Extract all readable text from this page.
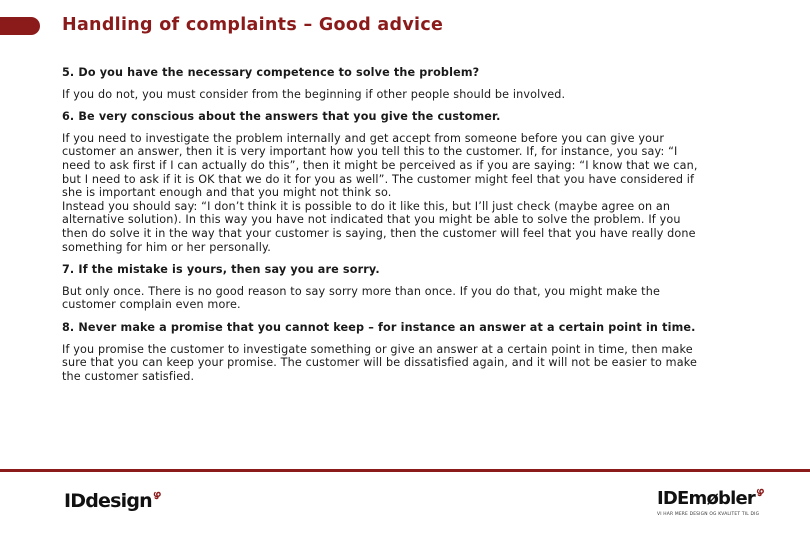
Handling of complaints – Good advice
5. Do you have the necessary competence to solve the problem?
If you do not, you must consider from the beginning if other people should be involved.
6. Be very conscious about the answers that you give the customer.
If you need to investigate the problem internally and get accept from someone before you can give your customer an answer, then it is very important how you tell this to the customer. If, for instance, you say: “I need to ask first if I can actually do this”, then it might be perceived as if you are saying: “I know that we can, but I need to ask if it is OK that we do it for you as well”. The customer might feel that you have considered if she is important enough and that you might not think so.
Instead you should say: “I don’t think it is possible to do it like this, but I’ll just check (maybe agree on an alternative solution). In this way you have not indicated that you might be able to solve the problem. If you then do solve it in the way that your customer is saying, then the customer will feel that you have really done something for him or her personally.
7. If the mistake is yours, then say you are sorry.
But only once. There is no good reason to say sorry more than once. If you do that, you might make the customer complain even more.
8. Never make a promise that you cannot keep – for instance an answer at a certain point in time.
If you promise the customer to investigate something or give an answer at a certain point in time, then make sure that you can keep your promise. The customer will be dissatisfied again, and it will not be easier to make the customer satisfied.
IDdesign$^ഴ$	IDEmøbler$^ഴ$
VI HAR MERE DESIGN OG KVALITET TIL DIG
